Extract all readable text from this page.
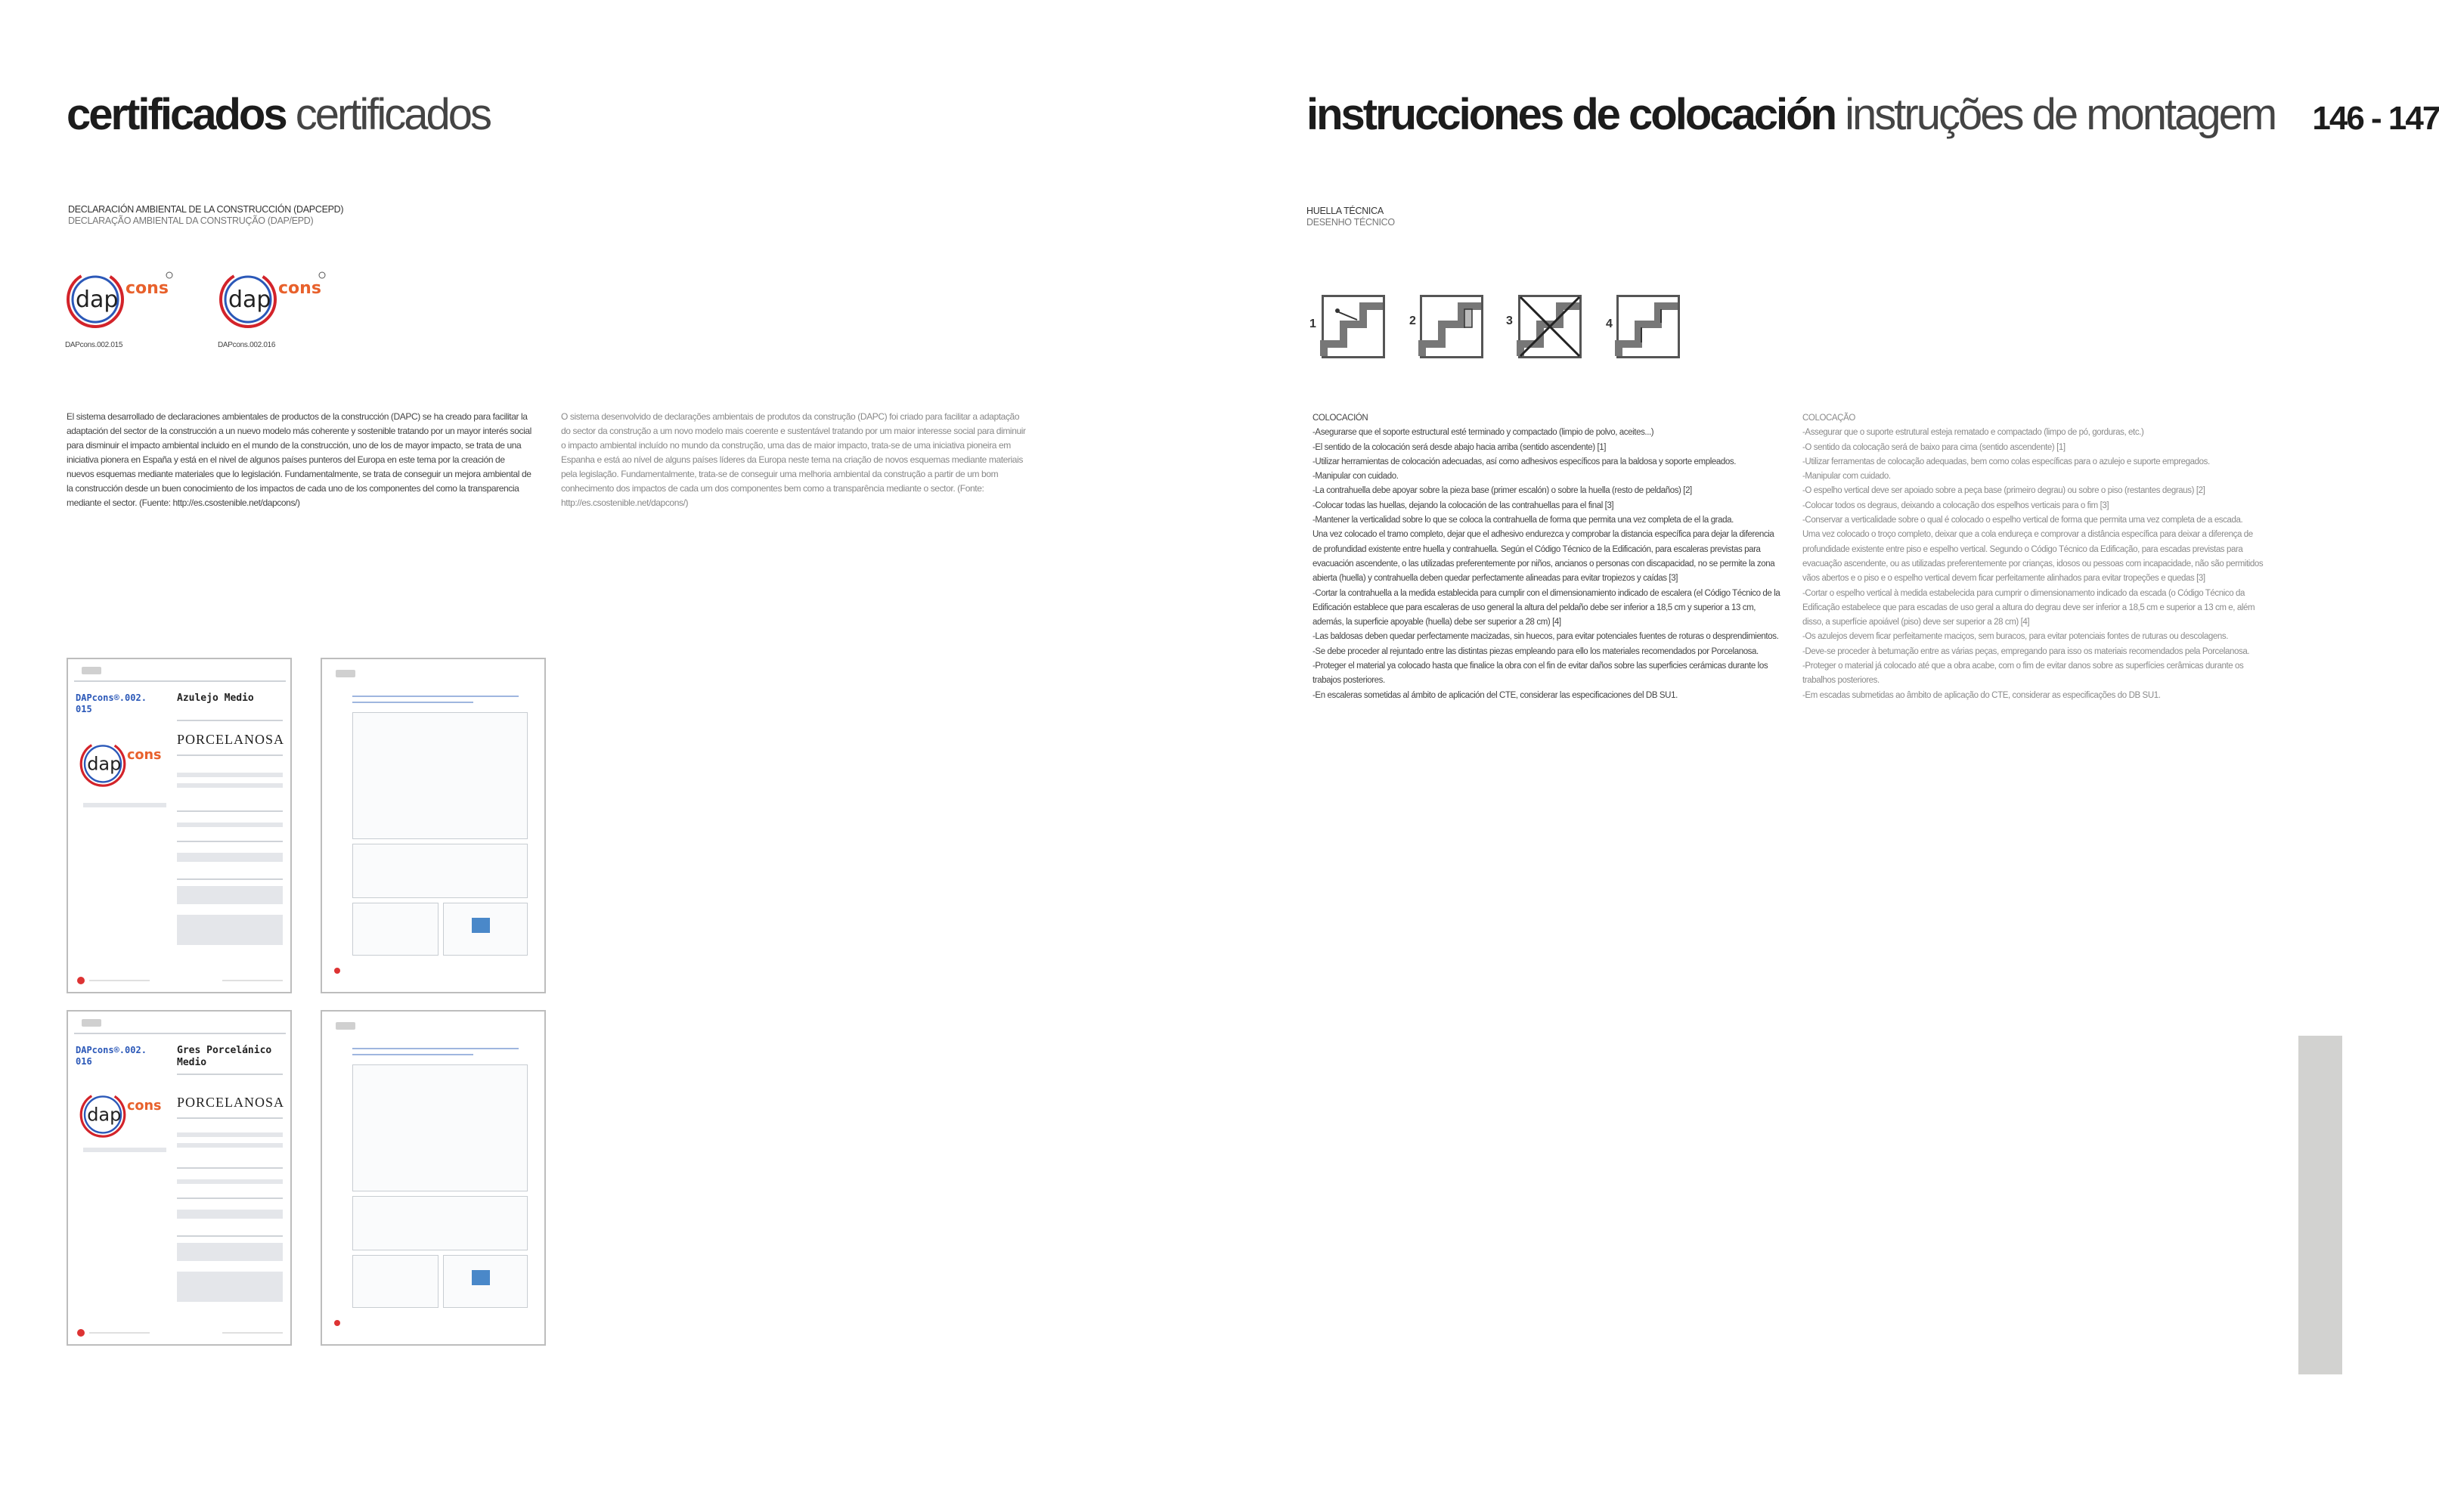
certificados certificados
DECLARACIÓN AMBIENTAL DE LA CONSTRUCCIÓN (DAPCEPD)
DECLARAÇÃO AMBIENTAL DA CONSTRUÇÃO (DAP/EPD)
dap cons
DAPcons.002.015
dap cons
DAPcons.002.016
El sistema desarrollado de declaraciones ambientales de productos de la construcción (DAPC) se ha creado para facilitar la adaptación del sector de la construcción a un nuevo modelo más coherente y sostenible tratando por un mayor interés social para disminuir el impacto ambiental incluido en el mundo de la construcción, uno de los de mayor impacto, se trata de una iniciativa pionera en España y está en el nivel de algunos países punteros del Europa en este tema por la creación de nuevos esquemas mediante materiales que lo legislación. Fundamentalmente, se trata de conseguir un mejora ambiental de la construcción desde un buen conocimiento de los impactos de cada uno de los componentes del como la transparencia mediante el sector. (Fuente: http://es.csostenible.net/dapcons/)
O sistema desenvolvido de declarações ambientais de produtos da construção (DAPC) foi criado para facilitar a adaptação do sector da construção a um novo modelo mais coerente e sustentável tratando por um maior interesse social para diminuir o impacto ambiental incluído no mundo da construção, uma das de maior impacto, trata-se de uma iniciativa pioneira em Espanha e está ao nível de alguns países líderes da Europa neste tema na criação de novos esquemas mediante materiais pela legislação. Fundamentalmente, trata-se de conseguir uma melhoria ambiental da construção a partir de um bom conhecimento dos impactos de cada um dos componentes bem como a transparência mediante o sector. (Fonte: http://es.csostenible.net/dapcons/)
DAPcons®.002.
015
Azulejo Medio
dap cons
PORCELANOSA
DAPcons®.002.
016
Gres Porcelánico
Medio
dap cons PORCELANOSA
instrucciones de colocación instruções de montagem 146 - 147
HUELLA TÉCNICA
DESENHO TÉCNICO
1	2	3	4
COLOCACIÓN
-Asegurarse que el soporte estructural esté terminado y compactado (limpio de polvo, aceites...)
-El sentido de la colocación será desde abajo hacia arriba (sentido ascendente) [1]
-Utilizar herramientas de colocación adecuadas, así como adhesivos específicos para la baldosa y soporte empleados.
-Manipular con cuidado.
-La contrahuella debe apoyar sobre la pieza base (primer escalón) o sobre la huella (resto de peldaños) [2]
-Colocar todas las huellas, dejando la colocación de las contrahuellas para el final [3]
-Mantener la verticalidad sobre lo que se coloca la contrahuella de forma que permita una vez completa de el la grada.
Una vez colocado el tramo completo, dejar que el adhesivo endurezca y comprobar la distancia específica para dejar la diferencia de profundidad existente entre huella y contrahuella. Según el Código Técnico de la Edificación, para escaleras previstas para evacuación ascendente, o las utilizadas preferentemente por niños, ancianos o personas con discapacidad, no se permite la zona abierta (huella) y contrahuella deben quedar perfectamente alineadas para evitar tropiezos y caídas [3]
-Cortar la contrahuella a la medida establecida para cumplir con el dimensionamiento indicado de escalera (el Código Técnico de la Edificación establece que para escaleras de uso general la altura del peldaño debe ser inferior a 18,5 cm y superior a 13 cm, además, la superficie apoyable (huella) debe ser superior a 28 cm) [4]
-Las baldosas deben quedar perfectamente macizadas, sin huecos, para evitar potenciales fuentes de roturas o desprendimientos.
-Se debe proceder al rejuntado entre las distintas piezas empleando para ello los materiales recomendados por Porcelanosa.
-Proteger el material ya colocado hasta que finalice la obra con el fin de evitar daños sobre las superficies cerámicas durante los trabajos posteriores.
-En escaleras sometidas al ámbito de aplicación del CTE, considerar las especificaciones del DB SU1.
COLOCAÇÃO
-Assegurar que o suporte estrutural esteja rematado e compactado (limpo de pó, gorduras, etc.)
-O sentido da colocação será de baixo para cima (sentido ascendente) [1]
-Utilizar ferramentas de colocação adequadas, bem como colas específicas para o azulejo e suporte empregados.
-Manipular com cuidado.
-O espelho vertical deve ser apoiado sobre a peça base (primeiro degrau) ou sobre o piso (restantes degraus) [2]
-Colocar todos os degraus, deixando a colocação dos espelhos verticais para o fim [3]
-Conservar a verticalidade sobre o qual é colocado o espelho vertical de forma que permita uma vez completa de a escada.
Uma vez colocado o troço completo, deixar que a cola endureça e comprovar a distância específica para deixar a diferença de profundidade existente entre piso e espelho vertical. Segundo o Código Técnico da Edificação, para escadas previstas para evacuação ascendente, ou as utilizadas preferentemente por crianças, idosos ou pessoas com incapacidade, não são permitidos vãos abertos e o piso e o espelho vertical devem ficar perfeitamente alinhados para evitar tropeções e quedas [3]
-Cortar o espelho vertical à medida estabelecida para cumprir o dimensionamento indicado da escada (o Código Técnico da Edificação estabelece que para escadas de uso geral a altura do degrau deve ser inferior a 18,5 cm e superior a 13 cm e, além disso, a superfície apoiável (piso) deve ser superior a 28 cm) [4]
-Os azulejos devem ficar perfeitamente maciços, sem buracos, para evitar potenciais fontes de ruturas ou descolagens.
-Deve-se proceder à betumação entre as várias peças, empregando para isso os materiais recomendados pela Porcelanosa.
-Proteger o material já colocado até que a obra acabe, com o fim de evitar danos sobre as superfícies cerâmicas durante os trabalhos posteriores.
-Em escadas submetidas ao âmbito de aplicação do CTE, considerar as especificações do DB SU1.
